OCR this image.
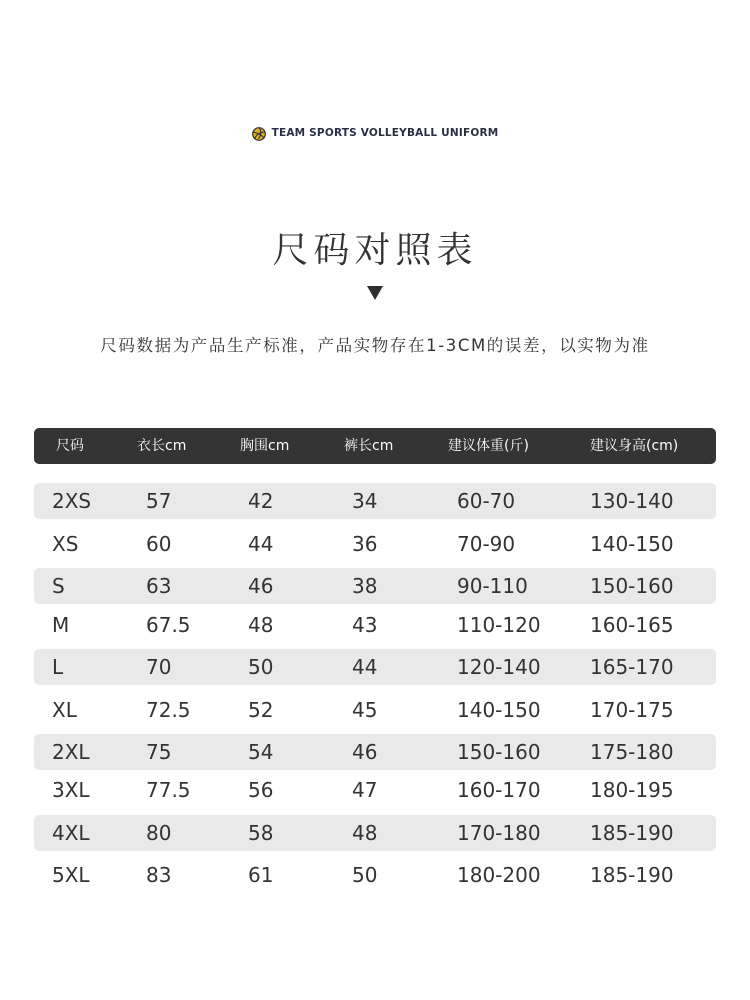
TEAM SPORTS VOLLEYBALL UNIFORM
尺码对照表
尺码数据为产品生产标准，产品实物存在1-3CM的误差，以实物为准
尺码	衣长cm	胸围cm	裤长cm	建议体重(斤)	建议身高(cm)
2XS	57	42	34	60-70	130-140
XS	60	44	36	70-90	140-150
S	63	46	38	90-110	150-160
M	67.5	48	43	110-120 160-165
L	70	50	44	120-140 165-170
XL	72.5	52	45	140-150 170-175
2XL	75	54	46	150-160 175-180
3XL	77.5	56	47	160-170 180-195
4XL	80	58	48	170-180 185-190
5XL	83	61	50	180-200 185-190
